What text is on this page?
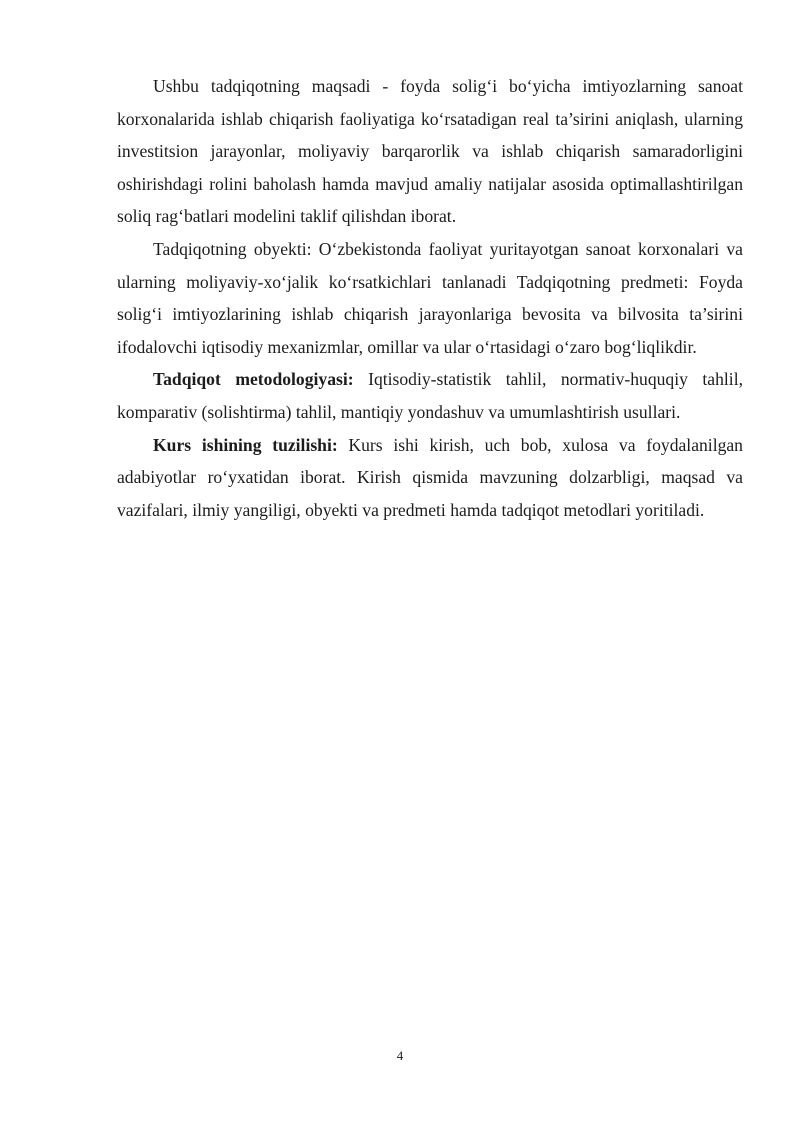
Ushbu tadqiqotning maqsadi - foyda solig‘i bo‘yicha imtiyozlarning sanoat korxonalarida ishlab chiqarish faoliyatiga ko‘rsatadigan real ta’sirini aniqlash, ularning investitsion jarayonlar, moliyaviy barqarorlik va ishlab chiqarish samaradorligini oshirishdagi rolini baholash hamda mavjud amaliy natijalar asosida optimallashtirilgan soliq rag‘batlari modelini taklif qilishdan iborat.

Tadqiqotning obyekti: O‘zbekistonda faoliyat yuritayotgan sanoat korxonalari va ularning moliyaviy-xo‘jalik ko‘rsatkichlari tanlanadi Tadqiqotning predmeti: Foyda solig‘i imtiyozlarining ishlab chiqarish jarayonlariga bevosita va bilvosita ta’sirini ifodalovchi iqtisodiy mexanizmlar, omillar va ular o‘rtasidagi o‘zaro bog‘liqlikdir.

Tadqiqot metodologiyasi: Iqtisodiy-statistik tahlil, normativ-huquqiy tahlil, komparativ (solishtirma) tahlil, mantiqiy yondashuv va umumlashtirish usullari.

Kurs ishining tuzilishi: Kurs ishi kirish, uch bob, xulosa va foydalanilgan adabiyotlar ro‘yxatidan iborat. Kirish qismida mavzuning dolzarbligi, maqsad va vazifalari, ilmiy yangiligi, obyekti va predmeti hamda tadqiqot metodlari yoritiladi.

4
